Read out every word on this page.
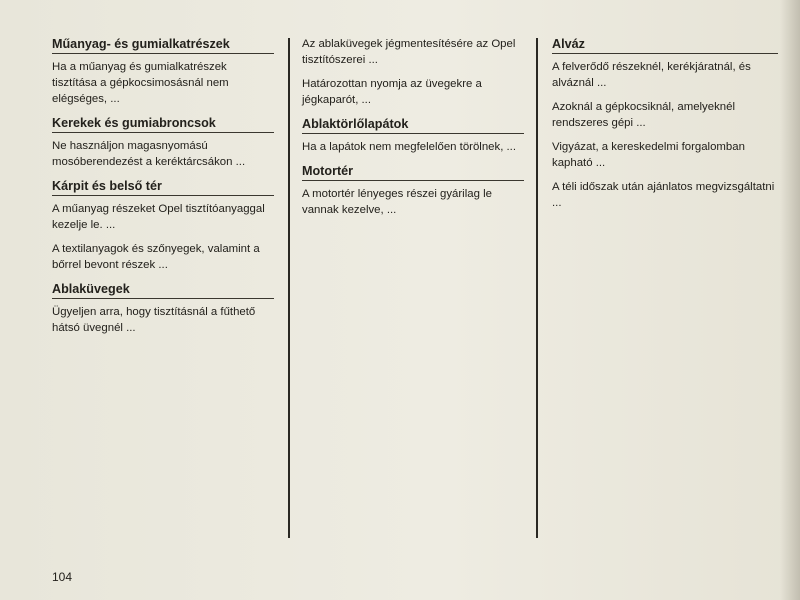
Műanyag- és gumialkatrészek

Ha a műanyag és gumialkatrészek tisztítása a gépkocsimosásnál nem elégséges, ...

Kerekek és gumiabroncsok

Ne használjon magasnyomású mosóberendezést a keréktárcsákon ...

Kárpit és belső tér

A műanyag részeket Opel tisztítóanyaggal kezelje le. ...

A textilanyagok és szőnyegek, valamint a bőrrel bevont részek ...

Ablaküvegek

Ügyeljen arra, hogy tisztításnál a fűthető hátsó üvegnél ...

Az ablaküvegek jégmentesítésére az Opel tisztítószerei ...

Határozottan nyomja az üvegekre a jégkaparót, ...

Ablaktörlőlapátok

Ha a lapátok nem megfelelően törölnek, ...

Motortér

A motortér lényeges részei gyárilag le vannak kezelve, ...

Alváz

A felverődő részeknél, kerékjáratnál, és alváznál ...

Azoknál a gépkocsiknál, amelyeknél rendszeres gépi ...

Vigyázat, a kereskedelmi forgalomban kapható ...

A téli időszak után ajánlatos megvizsgáltatni ...

104
